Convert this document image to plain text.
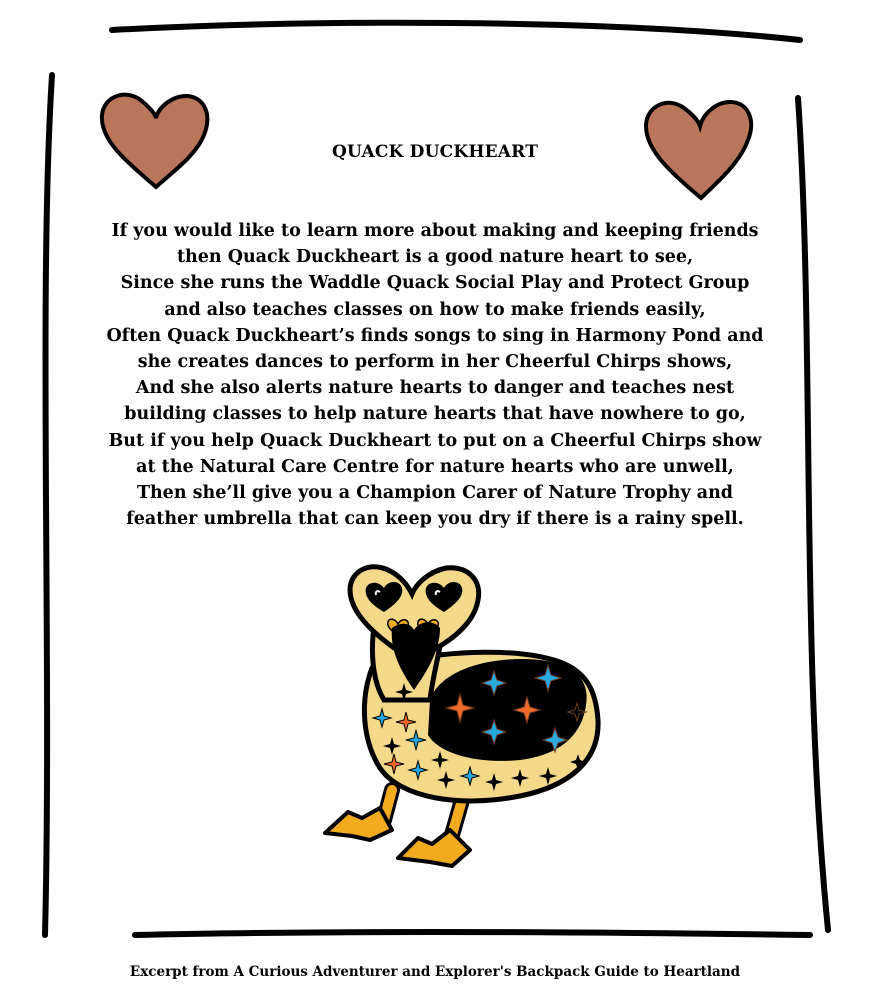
QUACK DUCKHEART
If you would like to learn more about making and keeping friends
then Quack Duckheart is a good nature heart to see,
Since she runs the Waddle Quack Social Play and Protect Group
and also teaches classes on how to make friends easily,
Often Quack Duckheart’s finds songs to sing in Harmony Pond and
she creates dances to perform in her Cheerful Chirps shows,
And she also alerts nature hearts to danger and teaches nest
building classes to help nature hearts that have nowhere to go,
But if you help Quack Duckheart to put on a Cheerful Chirps show
at the Natural Care Centre for nature hearts who are unwell,
Then she’ll give you a Champion Carer of Nature Trophy and
feather umbrella that can keep you dry if there is a rainy spell.
Excerpt from A Curious Adventurer and Explorer's Backpack Guide to Heartland
